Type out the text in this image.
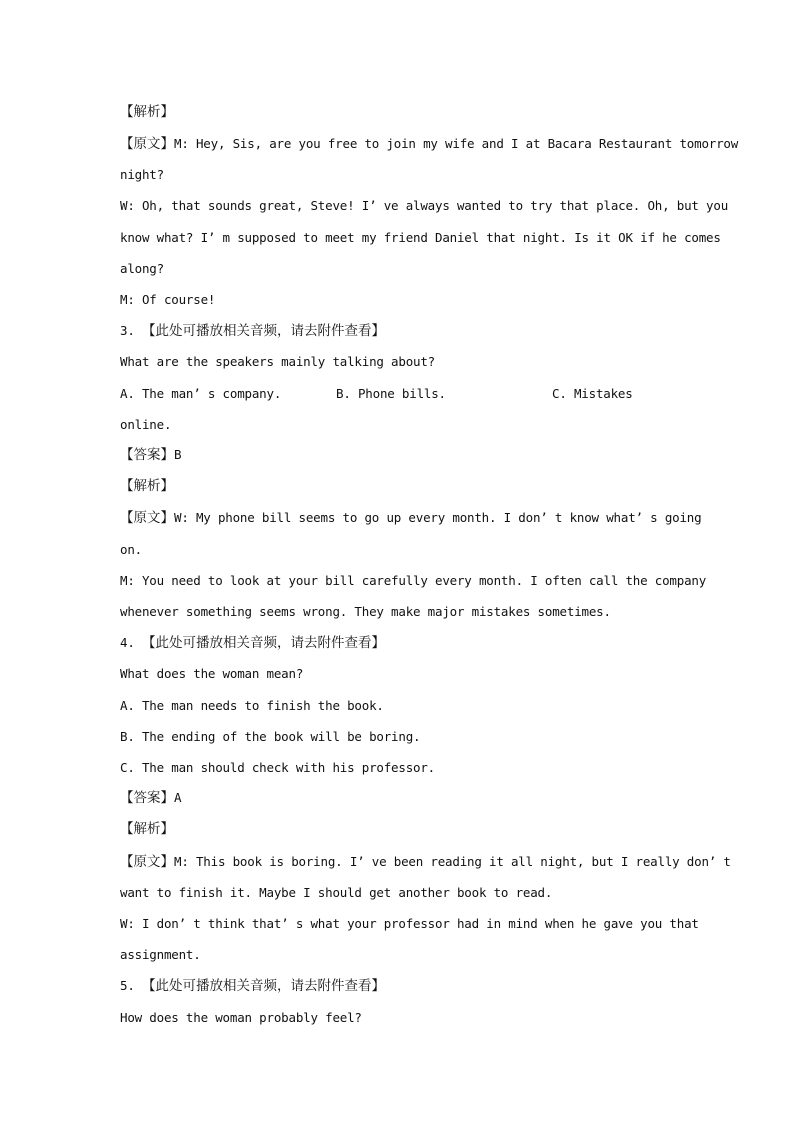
【解析】
【原文】M: Hey, Sis, are you free to join my wife and I at Bacara Restaurant tomorrow
night?
W: Oh, that sounds great, Steve! I’ ve always wanted to try that place. Oh, but you
know what? I’ m supposed to meet my friend Daniel that night. Is it OK if he comes
along?
M: Of course!
3. 【此处可播放相关音频，请去附件查看】
What are the speakers mainly talking about?
A. The man’ s company.	B. Phone bills.	C. Mistakes
online.
【答案】B
【解析】
【原文】W: My phone bill seems to go up every month. I don’ t know what’ s going
on.
M: You need to look at your bill carefully every month. I often call the company
whenever something seems wrong. They make major mistakes sometimes.
4. 【此处可播放相关音频，请去附件查看】
What does the woman mean?
A. The man needs to finish the book.
B. The ending of the book will be boring.
C. The man should check with his professor.
【答案】A
【解析】
【原文】M: This book is boring. I’ ve been reading it all night, but I really don’ t
want to finish it. Maybe I should get another book to read.
W: I don’ t think that’ s what your professor had in mind when he gave you that
assignment.
5. 【此处可播放相关音频，请去附件查看】
How does the woman probably feel?
